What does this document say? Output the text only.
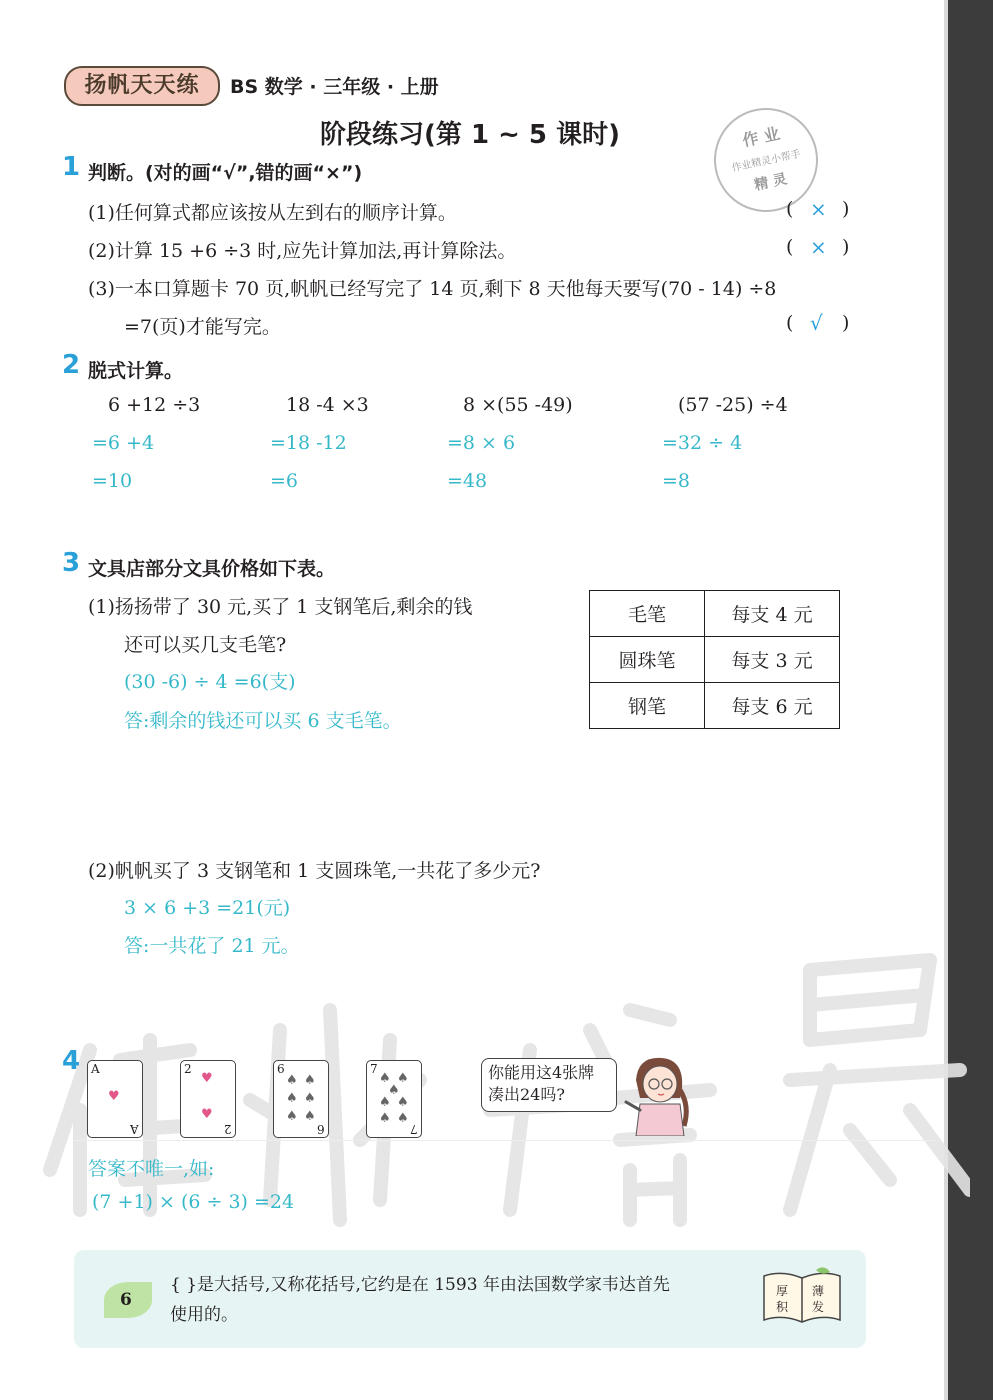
扬帆天天练	BS 数学 · 三年级 · 上册
阶段练习(第 1 ~ 5 课时)	作 业
作业精灵小帮手
精 灵
1 判断。(对的画“√”,错的画“×”)
(1)任何算式都应该按从左到右的顺序计算。	( × )
(2)计算 15 +6 ÷3 时,应先计算加法,再计算除法。	( × )
(3)一本口算题卡 70 页,帆帆已经写完了 14 页,剩下 8 天他每天要写(70 - 14) ÷8
=7(页)才能写完。	( √ )
2 脱式计算。
6 +12 ÷3
=6 +4
=10
18 -4 ×3
=18 -12
=6
8 ×(55 -49)
=8 × 6
=48
(57 -25) ÷4
=32 ÷ 4
=8
3 文具店部分文具价格如下表。
(1)扬扬带了 30 元,买了 1 支钢笔后,剩余的钱
还可以买几支毛笔?
(30 -6) ÷ 4 =6(支)
答:剩余的钱还可以买 6 支毛笔。
毛笔	每支 4 元
圆珠笔	每支 3 元
钢笔	每支 6 元
(2)帆帆买了 3 支钢笔和 1 支圆珠笔,一共花了多少元?
3 × 6 +3 =21(元)
答:一共花了 21 元。
4 A
♥
A
2
♥
♥
2
6
♠ ♠
♠ ♠
♠ ♠
6
7
♠ ♠
♠
♠ ♠
♠ ♠
7
你能用这4张牌
凑出24吗?
答案不唯一,如:
(7 +1) × (6 ÷ 3) =24
6
{ }是大括号,又称花括号,它约是在 1593 年由法国数学家韦达首先
使用的。
厚
积
薄
发
